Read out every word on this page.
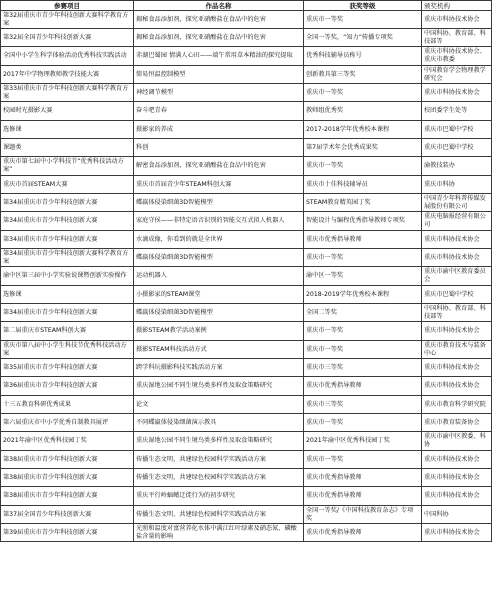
参赛项目	作品名称	获奖等级	颁奖机构
第32届重庆市青少年科技创新大赛科学教育方案	揭秘食品添加剂，探究亚硝酸盐在食品中的危害	重庆市一等奖	重庆市科协技术协会
第32届全国青少年科技创新大赛	揭秘食品添加剂，探究亚硝酸盐在食品中的危害	全国一等奖，“知力”传播专项奖	中国科协、教育部、科技部等
全国中小学生科学体验活动优秀科技实践活动	赤湖巴蜀园 情满人心田——端午常用草本精油的探究提取	优秀科技辅导员称号	重庆市科协技术协会、重庆市教委
2017年中学物理教师教学技能大赛	简易恒温控制模型	创新教具第三等奖	中国教育学会物理教学研究会
第33届重庆市青少年科技创新大赛科学教育方案	神经调节模型	重庆市一等奖	重庆市科协技术协会
校园时光摄影大赛	奋斗吧青春	教师组优秀奖	校团委学生处等
选修课	摄影家的养成	2017-2018学年优秀校本课程	重庆市巴蜀中学校
课题类	科创	第7届学术年会优秀成果奖	重庆市巴蜀中学校
重庆市第七届中小学科技节“优秀科技活动方案”	解密食品添加剂，探究亚硝酸盐在食品中的危害	重庆市一等奖	渝教技装办
重庆市首届STEAM大赛	重庆市首届青少年STEAM科创大赛	重庆市十佳科技辅导员	重庆市科协
第34届重庆市青少年科技创新大赛	蝶羸体侵染细菌3D智能模型	STEAM教育精英园丁奖	中国青少年科普传媒发展股份有限公司
第34届重庆市青少年科技创新大赛	家庭守侯——非特定语音识别的智能交互式拟人机器人	智能设计与编程优秀指导教师专项奖	重庆电脑报经营有限公司
第34届重庆市青少年科技创新大赛	水滴成像，你看到的就是全世界	重庆市优秀指导教师	重庆市科协技术协会
第34届重庆市青少年科技创新大赛科学教育方案	蝶羸体侵染细菌3D智能模型	重庆市一等奖	重庆市科协技术协会
渝中区第三届中小学实验说课暨创新实验操作	运动机器人	渝中区一等奖	重庆市渝中区教育委员会
选修课	小摄影家的STEAM课堂	2018-2019学年优秀校本课程	重庆市巴蜀中学校
第34届重庆市青少年科技创新大赛	蝶羸体侵染细菌3D智能模型	全国二等奖	中国科协、教育部、科技部等
第二届重庆市STEAM科创大赛	摄影STEAM教学活动案例	重庆市一等奖	重庆市科协技术协会
重庆市第八届中小学生科技节优秀科技活动方案	摄影STEAM科技活动方式	重庆市一等奖	重庆市教育技术与装备中心
第35届重庆市青少年科技创新大赛	跨学科玩摄影科技实践活动方案	重庆市三等奖	重庆市科协技术协会
第36届重庆市青少年科技创新大赛	重庆湿地公园不同生境鸟类多样性及取食策略研究	重庆市优秀指导教师	重庆市科协技术协会
十三五教育科研优秀成果	论文	重庆市三等奖	重庆市教育科学研究院
第六届重庆市中小学优秀自制教具展评	不同蝶羸体侵染细菌演示教具	重庆市一等奖	重庆市教育装备协会
2021年渝中区优秀科技园丁奖	重庆湿地公园不同生境鸟类多样性及取食策略研究	2021年渝中区优秀科技园丁奖	重庆市渝中区教委、科协
第38届重庆市青少年科技创新大赛	传播生态文明，共建绿色校园科学实践活动方案	重庆市一等奖	重庆市科协技术协会
第38届重庆市青少年科技创新大赛	传播生态文明，共建绿色校园科学实践活动方案	重庆市优秀指导教师	重庆市科协技术协会
第38届重庆市青少年科技创新大赛	重庆平行岭蝠鳍迁徙行为的初步研究	重庆市优秀指导教师	重庆市科协技术协会
第37届全国青少年科技创新大赛	传播生态文明，共建绿色校园科学实践活动方案	全国一等奖/《中国科技教育杂志》专项奖	中国科协
第39届重庆市青少年科技创新大赛	光照和温度对富营养化水体中满江红叶绿素及硝态氮、磷酸盐含量的影响	重庆市优秀指导教师	重庆市科协技术协会
